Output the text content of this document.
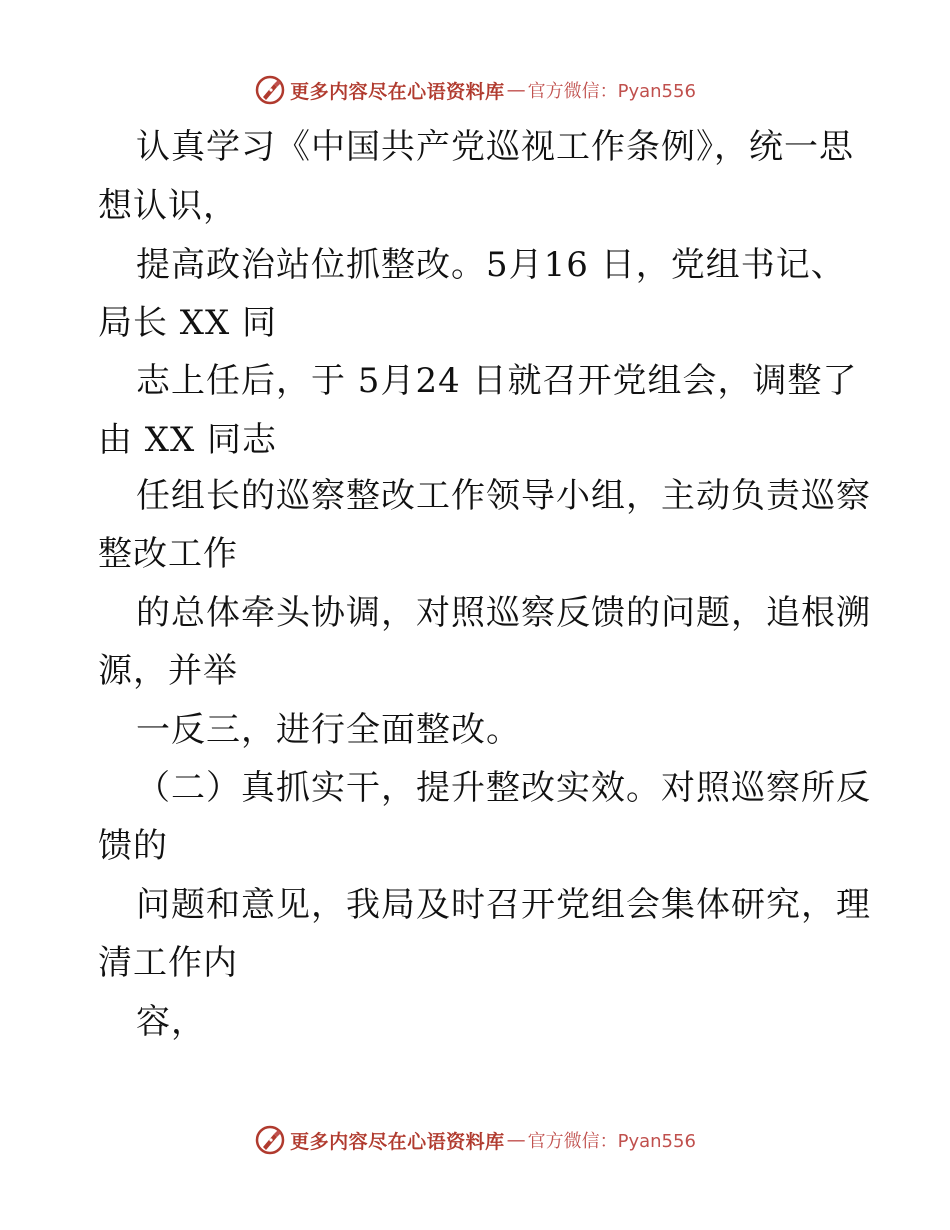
更多内容尽在心语资料库 — 官方微信：Pyan556
认真学习《中国共产党巡视工作条例》，统一思
想认识，
提高政治站位抓整改。5月16 日，党组书记、
局长 XX 同
志上任后，于 5月24 日就召开党组会，调整了
由 XX 同志
任组长的巡察整改工作领导小组，主动负责巡察
整改工作
的总体牵头协调，对照巡察反馈的问题，追根溯
源，并举
一反三，进行全面整改。
（二）真抓实干，提升整改实效。对照巡察所反
馈的
问题和意见，我局及时召开党组会集体研究，理
清工作内
容，
更多内容尽在心语资料库 — 官方微信：Pyan556
